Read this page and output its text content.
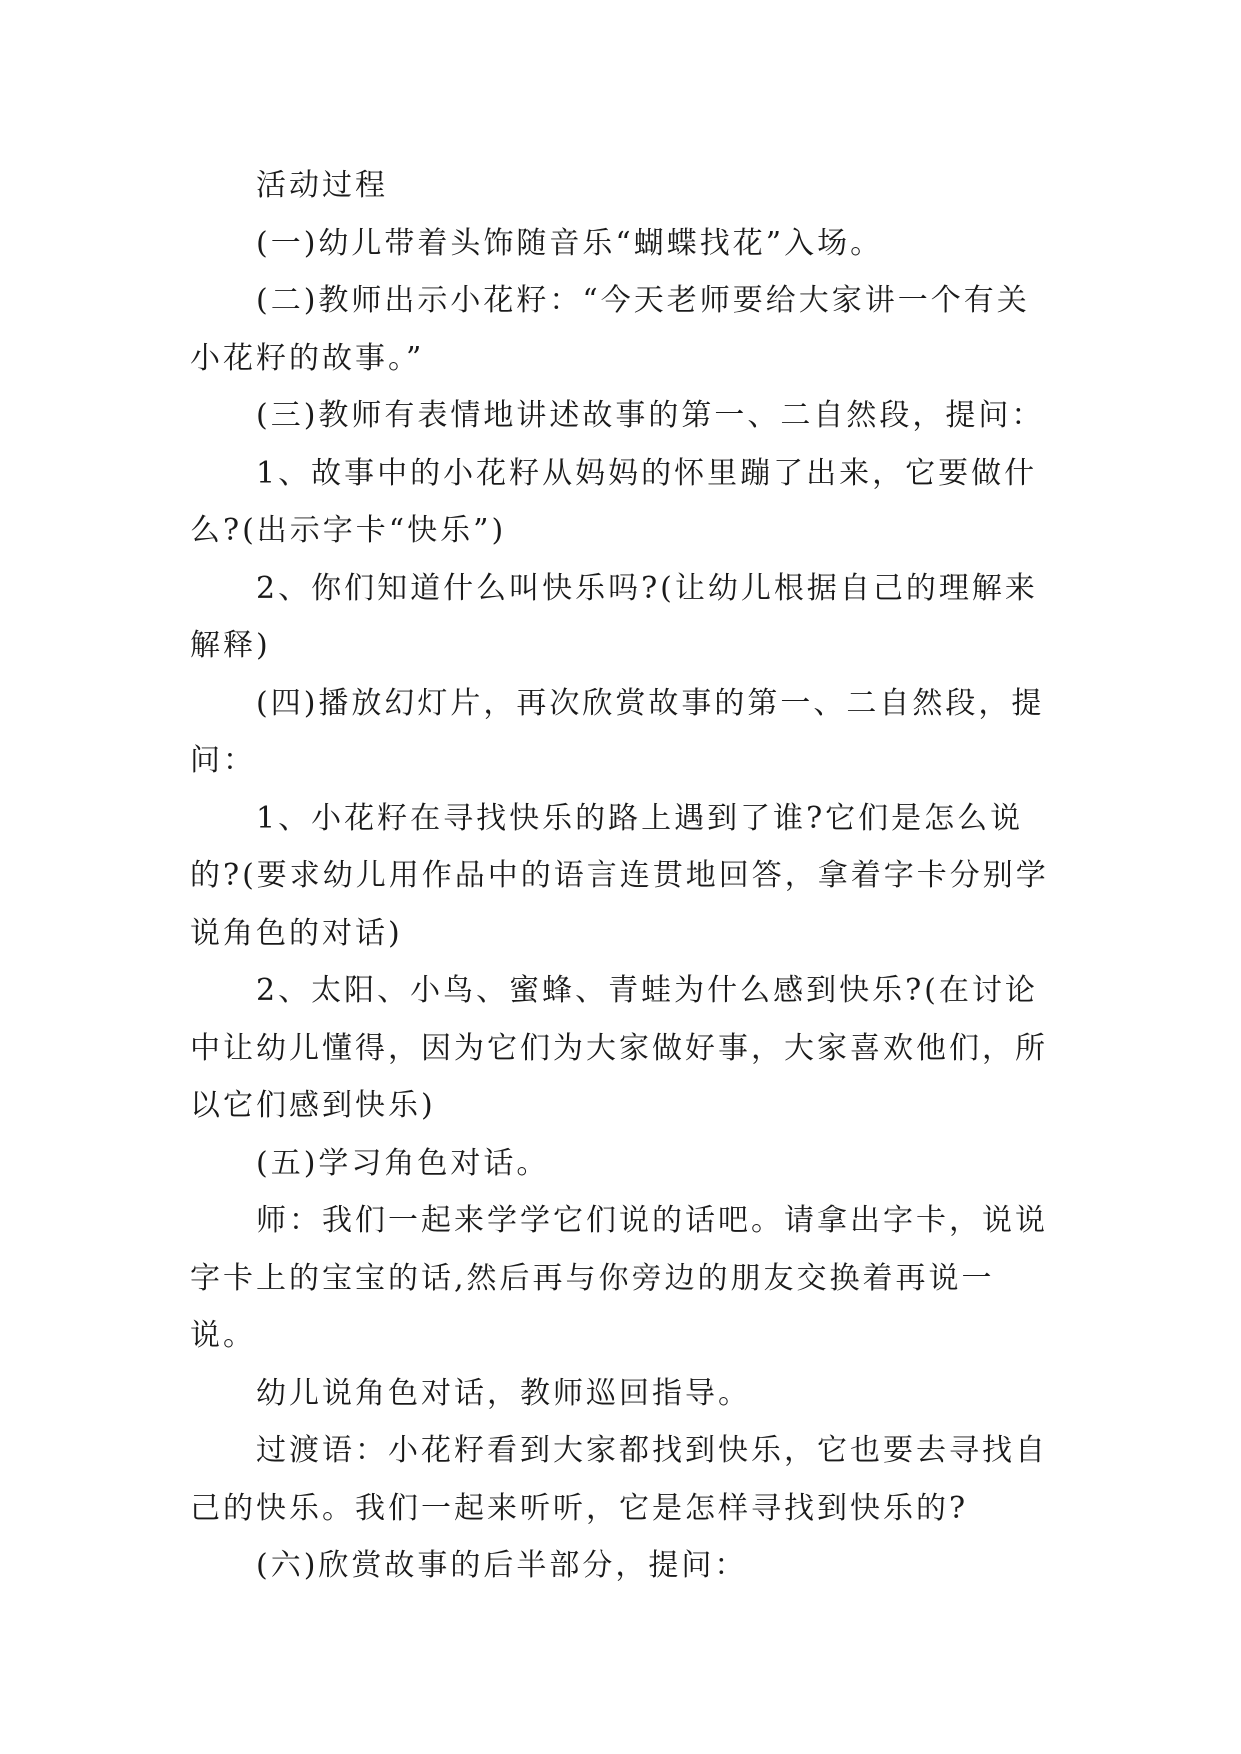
活动过程

(一)幼儿带着头饰随音乐“蝴蝶找花”入场。

(二)教师出示小花籽：“今天老师要给大家讲一个有关小花籽的故事。”

(三)教师有表情地讲述故事的第一、二自然段，提问：

1、故事中的小花籽从妈妈的怀里蹦了出来，它要做什么?(出示字卡“快乐”)

2、你们知道什么叫快乐吗?(让幼儿根据自己的理解来解释)

(四)播放幻灯片，再次欣赏故事的第一、二自然段，提问：

1、小花籽在寻找快乐的路上遇到了谁?它们是怎么说的?(要求幼儿用作品中的语言连贯地回答，拿着字卡分别学说角色的对话)

2、太阳、小鸟、蜜蜂、青蛙为什么感到快乐?(在讨论中让幼儿懂得，因为它们为大家做好事，大家喜欢他们，所以它们感到快乐)

(五)学习角色对话。

师：我们一起来学学它们说的话吧。请拿出字卡，说说字卡上的宝宝的话,然后再与你旁边的朋友交换着再说一说。

幼儿说角色对话，教师巡回指导。

过渡语：小花籽看到大家都找到快乐，它也要去寻找自己的快乐。我们一起来听听，它是怎样寻找到快乐的?

(六)欣赏故事的后半部分，提问：
